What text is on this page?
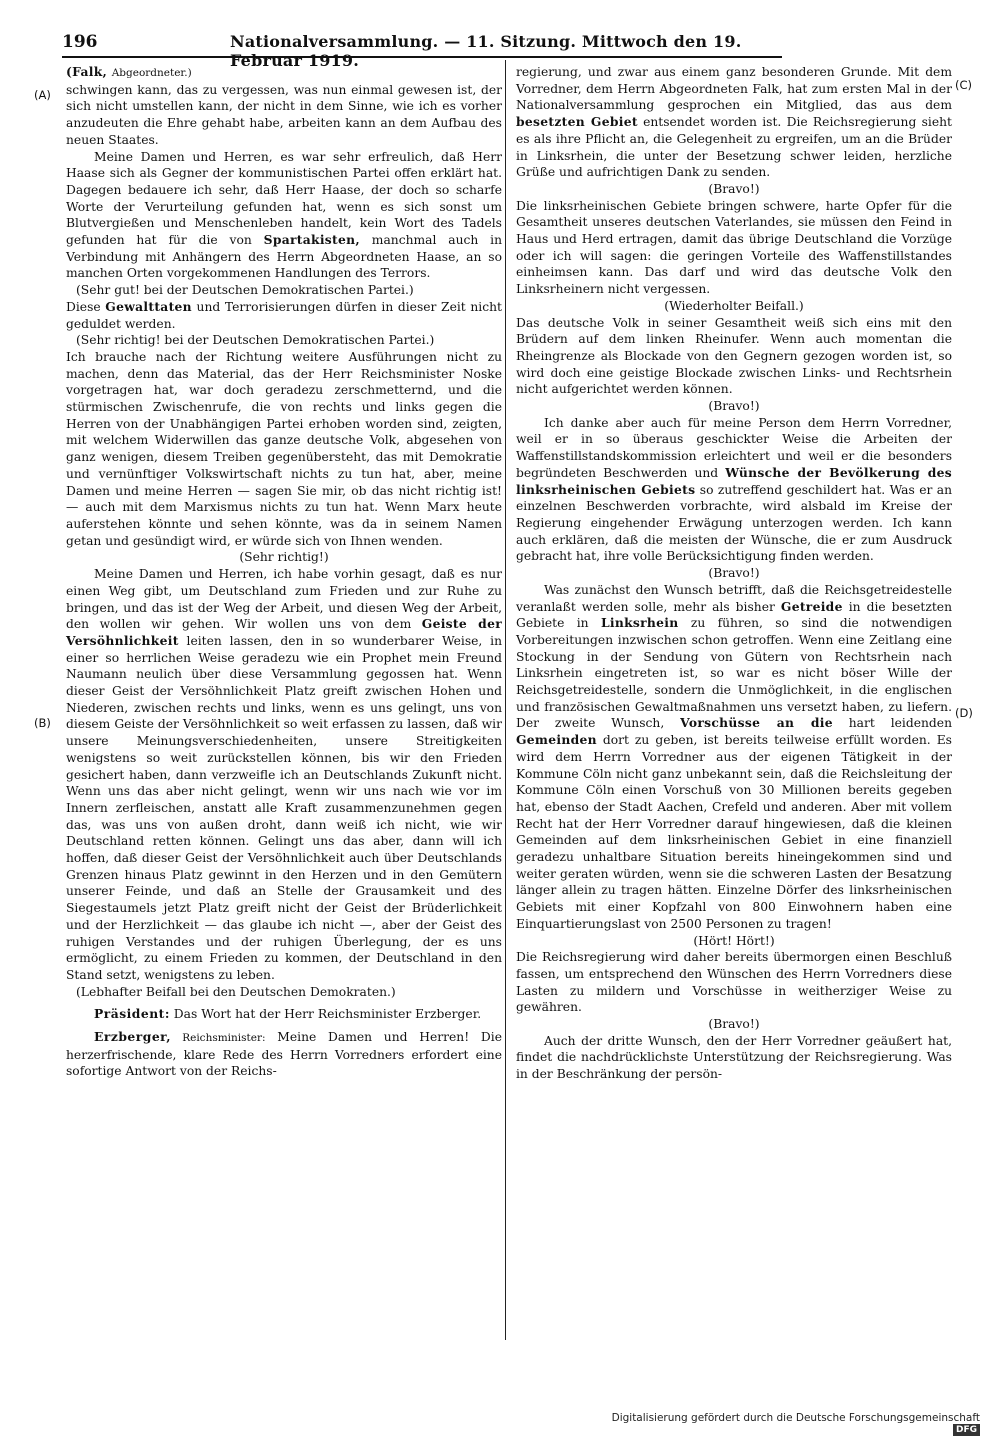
196	Nationalversammlung. — 11. Sitzung. Mittwoch den 19. Februar 1919.
(A)
(B)
(C)
(D)

(Falk, Abgeordneter.)

schwingen kann, das zu vergessen, was nun einmal gewesen ist, der sich nicht umstellen kann, der nicht in dem Sinne, wie ich es vorher anzudeuten die Ehre gehabt habe, arbeiten kann an dem Aufbau des neuen Staates.

Meine Damen und Herren, es war sehr erfreulich, daß Herr Haase sich als Gegner der kommunistischen Partei offen erklärt hat. Dagegen bedauere ich sehr, daß Herr Haase, der doch so scharfe Worte der Verurteilung gefunden hat, wenn es sich sonst um Blutvergießen und Menschenleben handelt, kein Wort des Tadels gefunden hat für die von Spartakisten, manchmal auch in Verbindung mit Anhängern des Herrn Abgeordneten Haase, an so manchen Orten vorgekommenen Handlungen des Terrors.

(Sehr gut! bei der Deutschen Demokratischen Partei.)

Diese Gewalttaten und Terrorisierungen dürfen in dieser Zeit nicht geduldet werden.

(Sehr richtig! bei der Deutschen Demokratischen Partei.)

Ich brauche nach der Richtung weitere Ausführungen nicht zu machen, denn das Material, das der Herr Reichsminister Noske vorgetragen hat, war doch geradezu zerschmetternd, und die stürmischen Zwischenrufe, die von rechts und links gegen die Herren von der Unabhängigen Partei erhoben worden sind, zeigten, mit welchem Widerwillen das ganze deutsche Volk, abgesehen von ganz wenigen, diesem Treiben gegenübersteht, das mit Demokratie und vernünftiger Volkswirtschaft nichts zu tun hat, aber, meine Damen und meine Herren — sagen Sie mir, ob das nicht richtig ist! — auch mit dem Marxismus nichts zu tun hat. Wenn Marx heute auferstehen könnte und sehen könnte, was da in seinem Namen getan und gesündigt wird, er würde sich von Ihnen wenden.

(Sehr richtig!)

Meine Damen und Herren, ich habe vorhin gesagt, daß es nur einen Weg gibt, um Deutschland zum Frieden und zur Ruhe zu bringen, und das ist der Weg der Arbeit, und diesen Weg der Arbeit, den wollen wir gehen. Wir wollen uns von dem Geiste der Versöhnlichkeit leiten lassen, den in so wunderbarer Weise, in einer so herrlichen Weise geradezu wie ein Prophet mein Freund Naumann neulich über diese Versammlung gegossen hat. Wenn dieser Geist der Versöhnlichkeit Platz greift zwischen Hohen und Niederen, zwischen rechts und links, wenn es uns gelingt, uns von diesem Geiste der Versöhnlichkeit so weit erfassen zu lassen, daß wir unsere Meinungsverschiedenheiten, unsere Streitigkeiten wenigstens so weit zurückstellen können, bis wir den Frieden gesichert haben, dann verzweifle ich an Deutschlands Zukunft nicht. Wenn uns das aber nicht gelingt, wenn wir uns nach wie vor im Innern zerfleischen, anstatt alle Kraft zusammenzunehmen gegen das, was uns von außen droht, dann weiß ich nicht, wie wir Deutschland retten können. Gelingt uns das aber, dann will ich hoffen, daß dieser Geist der Versöhnlichkeit auch über Deutschlands Grenzen hinaus Platz gewinnt in den Herzen und in den Gemütern unserer Feinde, und daß an Stelle der Grausamkeit und des Siegestaumels jetzt Platz greift nicht der Geist der Brüderlichkeit und der Herzlichkeit — das glaube ich nicht —, aber der Geist des ruhigen Verstandes und der ruhigen Überlegung, der es uns ermöglicht, zu einem Frieden zu kommen, der Deutschland in den Stand setzt, wenigstens zu leben.

(Lebhafter Beifall bei den Deutschen Demokraten.)

Präsident: Das Wort hat der Herr Reichsminister Erzberger.

Erzberger, Reichsminister: Meine Damen und Herren! Die herzerfrischende, klare Rede des Herrn Vorredners erfordert eine sofortige Antwort von der Reichs-

regierung, und zwar aus einem ganz besonderen Grunde. Mit dem Vorredner, dem Herrn Abgeordneten Falk, hat zum ersten Mal in der Nationalversammlung gesprochen ein Mitglied, das aus dem besetzten Gebiet entsendet worden ist. Die Reichsregierung sieht es als ihre Pflicht an, die Gelegenheit zu ergreifen, um an die Brüder in Linksrhein, die unter der Besetzung schwer leiden, herzliche Grüße und aufrichtigen Dank zu senden.

(Bravo!)

Die linksrheinischen Gebiete bringen schwere, harte Opfer für die Gesamtheit unseres deutschen Vaterlandes, sie müssen den Feind in Haus und Herd ertragen, damit das übrige Deutschland die Vorzüge oder ich will sagen: die geringen Vorteile des Waffenstillstandes einheimsen kann. Das darf und wird das deutsche Volk den Linksrheinern nicht vergessen.

(Wiederholter Beifall.)

Das deutsche Volk in seiner Gesamtheit weiß sich eins mit den Brüdern auf dem linken Rheinufer. Wenn auch momentan die Rheingrenze als Blockade von den Gegnern gezogen worden ist, so wird doch eine geistige Blockade zwischen Links- und Rechtsrhein nicht aufgerichtet werden können.

(Bravo!)

Ich danke aber auch für meine Person dem Herrn Vorredner, weil er in so überaus geschickter Weise die Arbeiten der Waffenstillstandskommission erleichtert und weil er die besonders begründeten Beschwerden und Wünsche der Bevölkerung des linksrheinischen Gebiets so zutreffend geschildert hat. Was er an einzelnen Beschwerden vorbrachte, wird alsbald im Kreise der Regierung eingehender Erwägung unterzogen werden. Ich kann auch erklären, daß die meisten der Wünsche, die er zum Ausdruck gebracht hat, ihre volle Berücksichtigung finden werden.

(Bravo!)

Was zunächst den Wunsch betrifft, daß die Reichsgetreidestelle veranlaßt werden solle, mehr als bisher Getreide in die besetzten Gebiete in Linksrhein zu führen, so sind die notwendigen Vorbereitungen inzwischen schon getroffen. Wenn eine Zeitlang eine Stockung in der Sendung von Gütern von Rechtsrhein nach Linksrhein eingetreten ist, so war es nicht böser Wille der Reichsgetreidestelle, sondern die Unmöglichkeit, in die englischen und französischen Gewaltmaßnahmen uns versetzt haben, zu liefern. Der zweite Wunsch, Vorschüsse an die hart leidenden Gemeinden dort zu geben, ist bereits teilweise erfüllt worden. Es wird dem Herrn Vorredner aus der eigenen Tätigkeit in der Kommune Cöln nicht ganz unbekannt sein, daß die Reichsleitung der Kommune Cöln einen Vorschuß von 30 Millionen bereits gegeben hat, ebenso der Stadt Aachen, Crefeld und anderen. Aber mit vollem Recht hat der Herr Vorredner darauf hingewiesen, daß die kleinen Gemeinden auf dem linksrheinischen Gebiet in eine finanziell geradezu unhaltbare Situation bereits hineingekommen sind und weiter geraten würden, wenn sie die schweren Lasten der Besatzung länger allein zu tragen hätten. Einzelne Dörfer des linksrheinischen Gebiets mit einer Kopfzahl von 800 Einwohnern haben eine Einquartierungslast von 2500 Personen zu tragen!

(Hört! Hört!)

Die Reichsregierung wird daher bereits übermorgen einen Beschluß fassen, um entsprechend den Wünschen des Herrn Vorredners diese Lasten zu mildern und Vorschüsse in weitherziger Weise zu gewähren.

(Bravo!)

Auch der dritte Wunsch, den der Herr Vorredner geäußert hat, findet die nachdrücklichste Unterstützung der Reichsregierung. Was in der Beschränkung der persön-

Digitalisierung gefördert durch die Deutsche ForschungsgemeinschaftDFG
